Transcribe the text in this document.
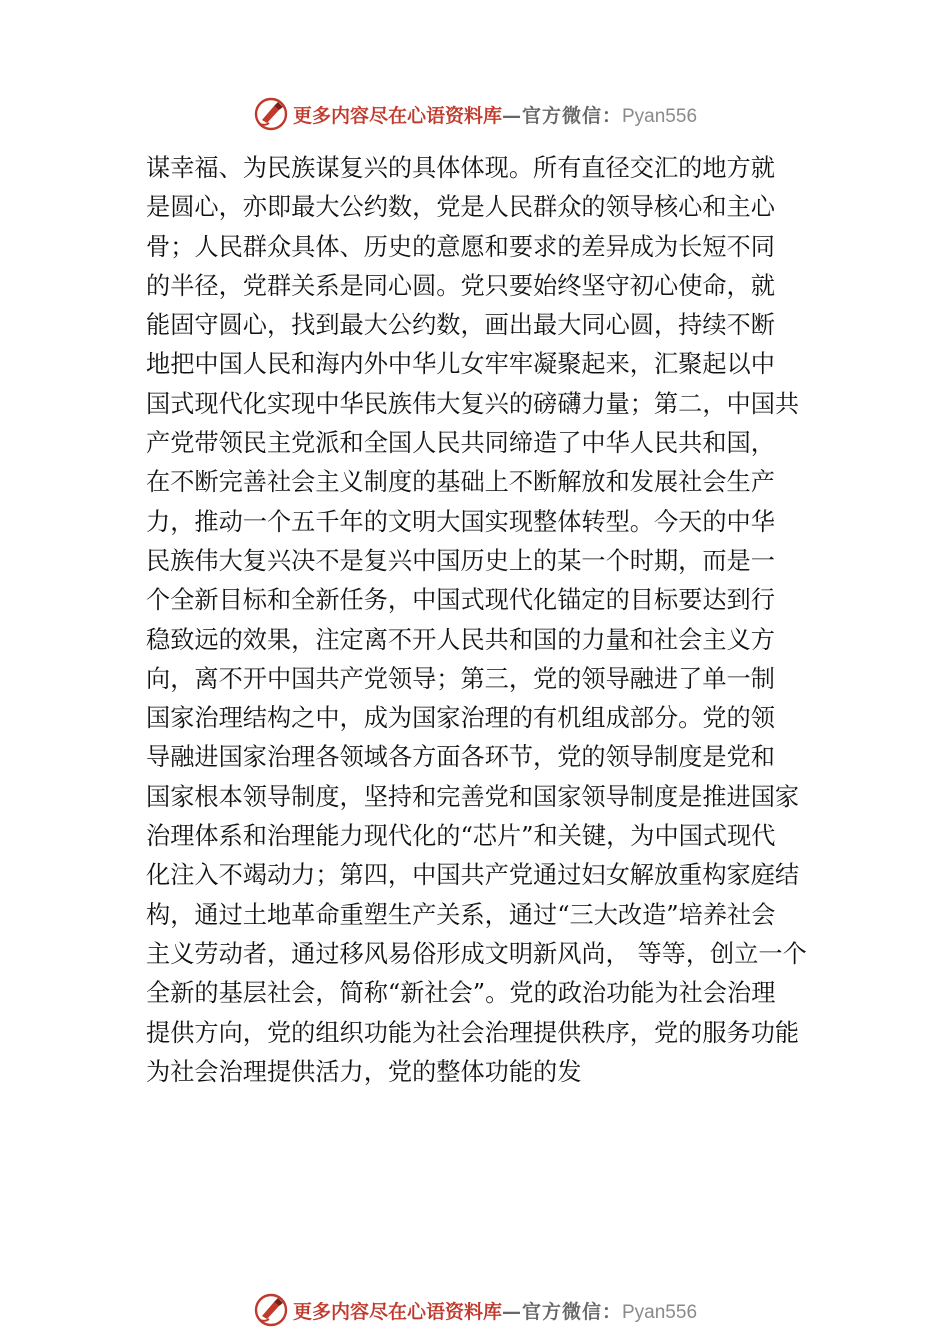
更多内容尽在心语资料库 — 官方微信： Pyan556
谋幸福、为民族谋复兴的具体体现。所有直径交汇的地方就
是圆心，亦即最大公约数，党是人民群众的领导核心和主心
骨；人民群众具体、历史的意愿和要求的差异成为长短不同
的半径，党群关系是同心圆。党只要始终坚守初心使命，就
能固守圆心，找到最大公约数，画出最大同心圆，持续不断
地把中国人民和海内外中华儿女牢牢凝聚起来，汇聚起以中
国式现代化实现中华民族伟大复兴的磅礴力量；第二，中国共
产党带领民主党派和全国人民共同缔造了中华人民共和国，
在不断完善社会主义制度的基础上不断解放和发展社会生产
力，推动一个五千年的文明大国实现整体转型。今天的中华
民族伟大复兴决不是复兴中国历史上的某一个时期，而是一
个全新目标和全新任务，中国式现代化锚定的目标要达到行
稳致远的效果，注定离不开人民共和国的力量和社会主义方
向，离不开中国共产党领导；第三，党的领导融进了单一制
国家治理结构之中，成为国家治理的有机组成部分。党的领
导融进国家治理各领域各方面各环节，党的领导制度是党和
国家根本领导制度，坚持和完善党和国家领导制度是推进国家
治理体系和治理能力现代化的“芯片”和关键，为中国式现代
化注入不竭动力；第四，中国共产党通过妇女解放重构家庭结
构，通过土地革命重塑生产关系，通过“三大改造”培养社会
主义劳动者，通过移风易俗形成文明新风尚， 等等，创立一个
全新的基层社会，简称“新社会”。党的政治功能为社会治理
提供方向，党的组织功能为社会治理提供秩序，党的服务功能
为社会治理提供活力，党的整体功能的发
更多内容尽在心语资料库 — 官方微信： Pyan556
